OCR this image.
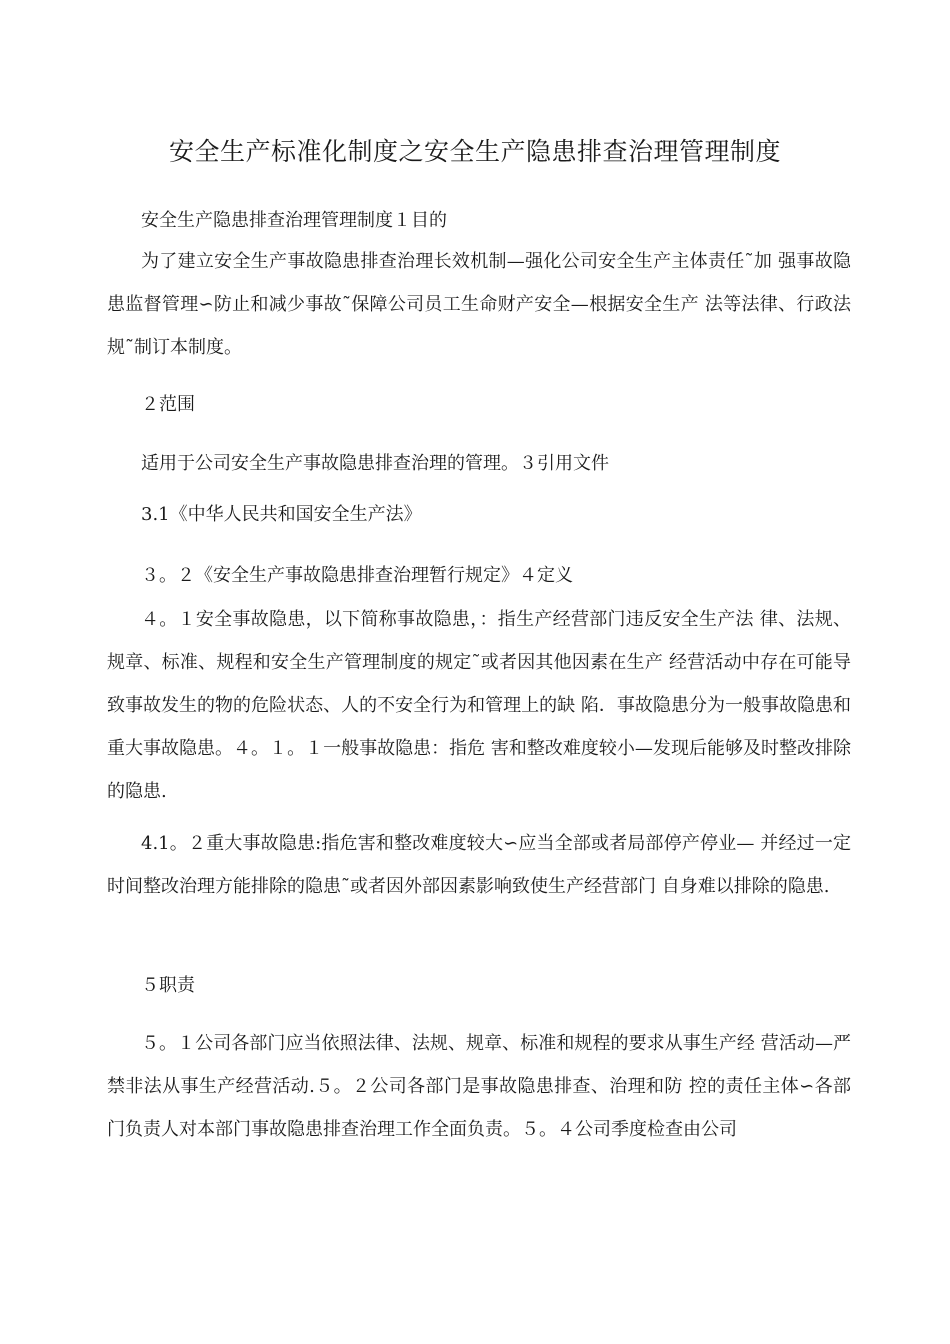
安全生产标准化制度之安全生产隐患排查治理管理制度
安全生产隐患排查治理管理制度１目的
为了建立安全生产事故隐患排查治理长效机制—强化公司安全生产主体责任˜加 强事故隐患监督管理∽防止和减少事故˜保障公司员工生命财产安全—根据安全生产 法等法律、行政法规˜制订本制度。
２范围
适用于公司安全生产事故隐患排查治理的管理。３引用文件
3.1《中华人民共和国安全生产法》
３。２《安全生产事故隐患排查治理暂行规定》４定义
４。１安全事故隐患，以下简称事故隐患，：指生产经营部门违反安全生产法 律、法规、规章、标准、规程和安全生产管理制度的规定˜或者因其他因素在生产 经营活动中存在可能导致事故发生的物的危险状态、人的不安全行为和管理上的缺 陷．事故隐患分为一般事故隐患和重大事故隐患。４。１。１一般事故隐患：指危 害和整改难度较小—发现后能够及时整改排除的隐患.
4.1。２重大事故隐患:指危害和整改难度较大∽应当全部或者局部停产停业— 并经过一定时间整改治理方能排除的隐患˜或者因外部因素影响致使生产经营部门 自身难以排除的隐患.
５职责
５。１公司各部门应当依照法律、法规、规章、标准和规程的要求从事生产经 营活动—严禁非法从事生产经营活动.５。２公司各部门是事故隐患排查、治理和防 控的责任主体∽各部门负责人对本部门事故隐患排查治理工作全面负责。５。４公司季度检查由公司
